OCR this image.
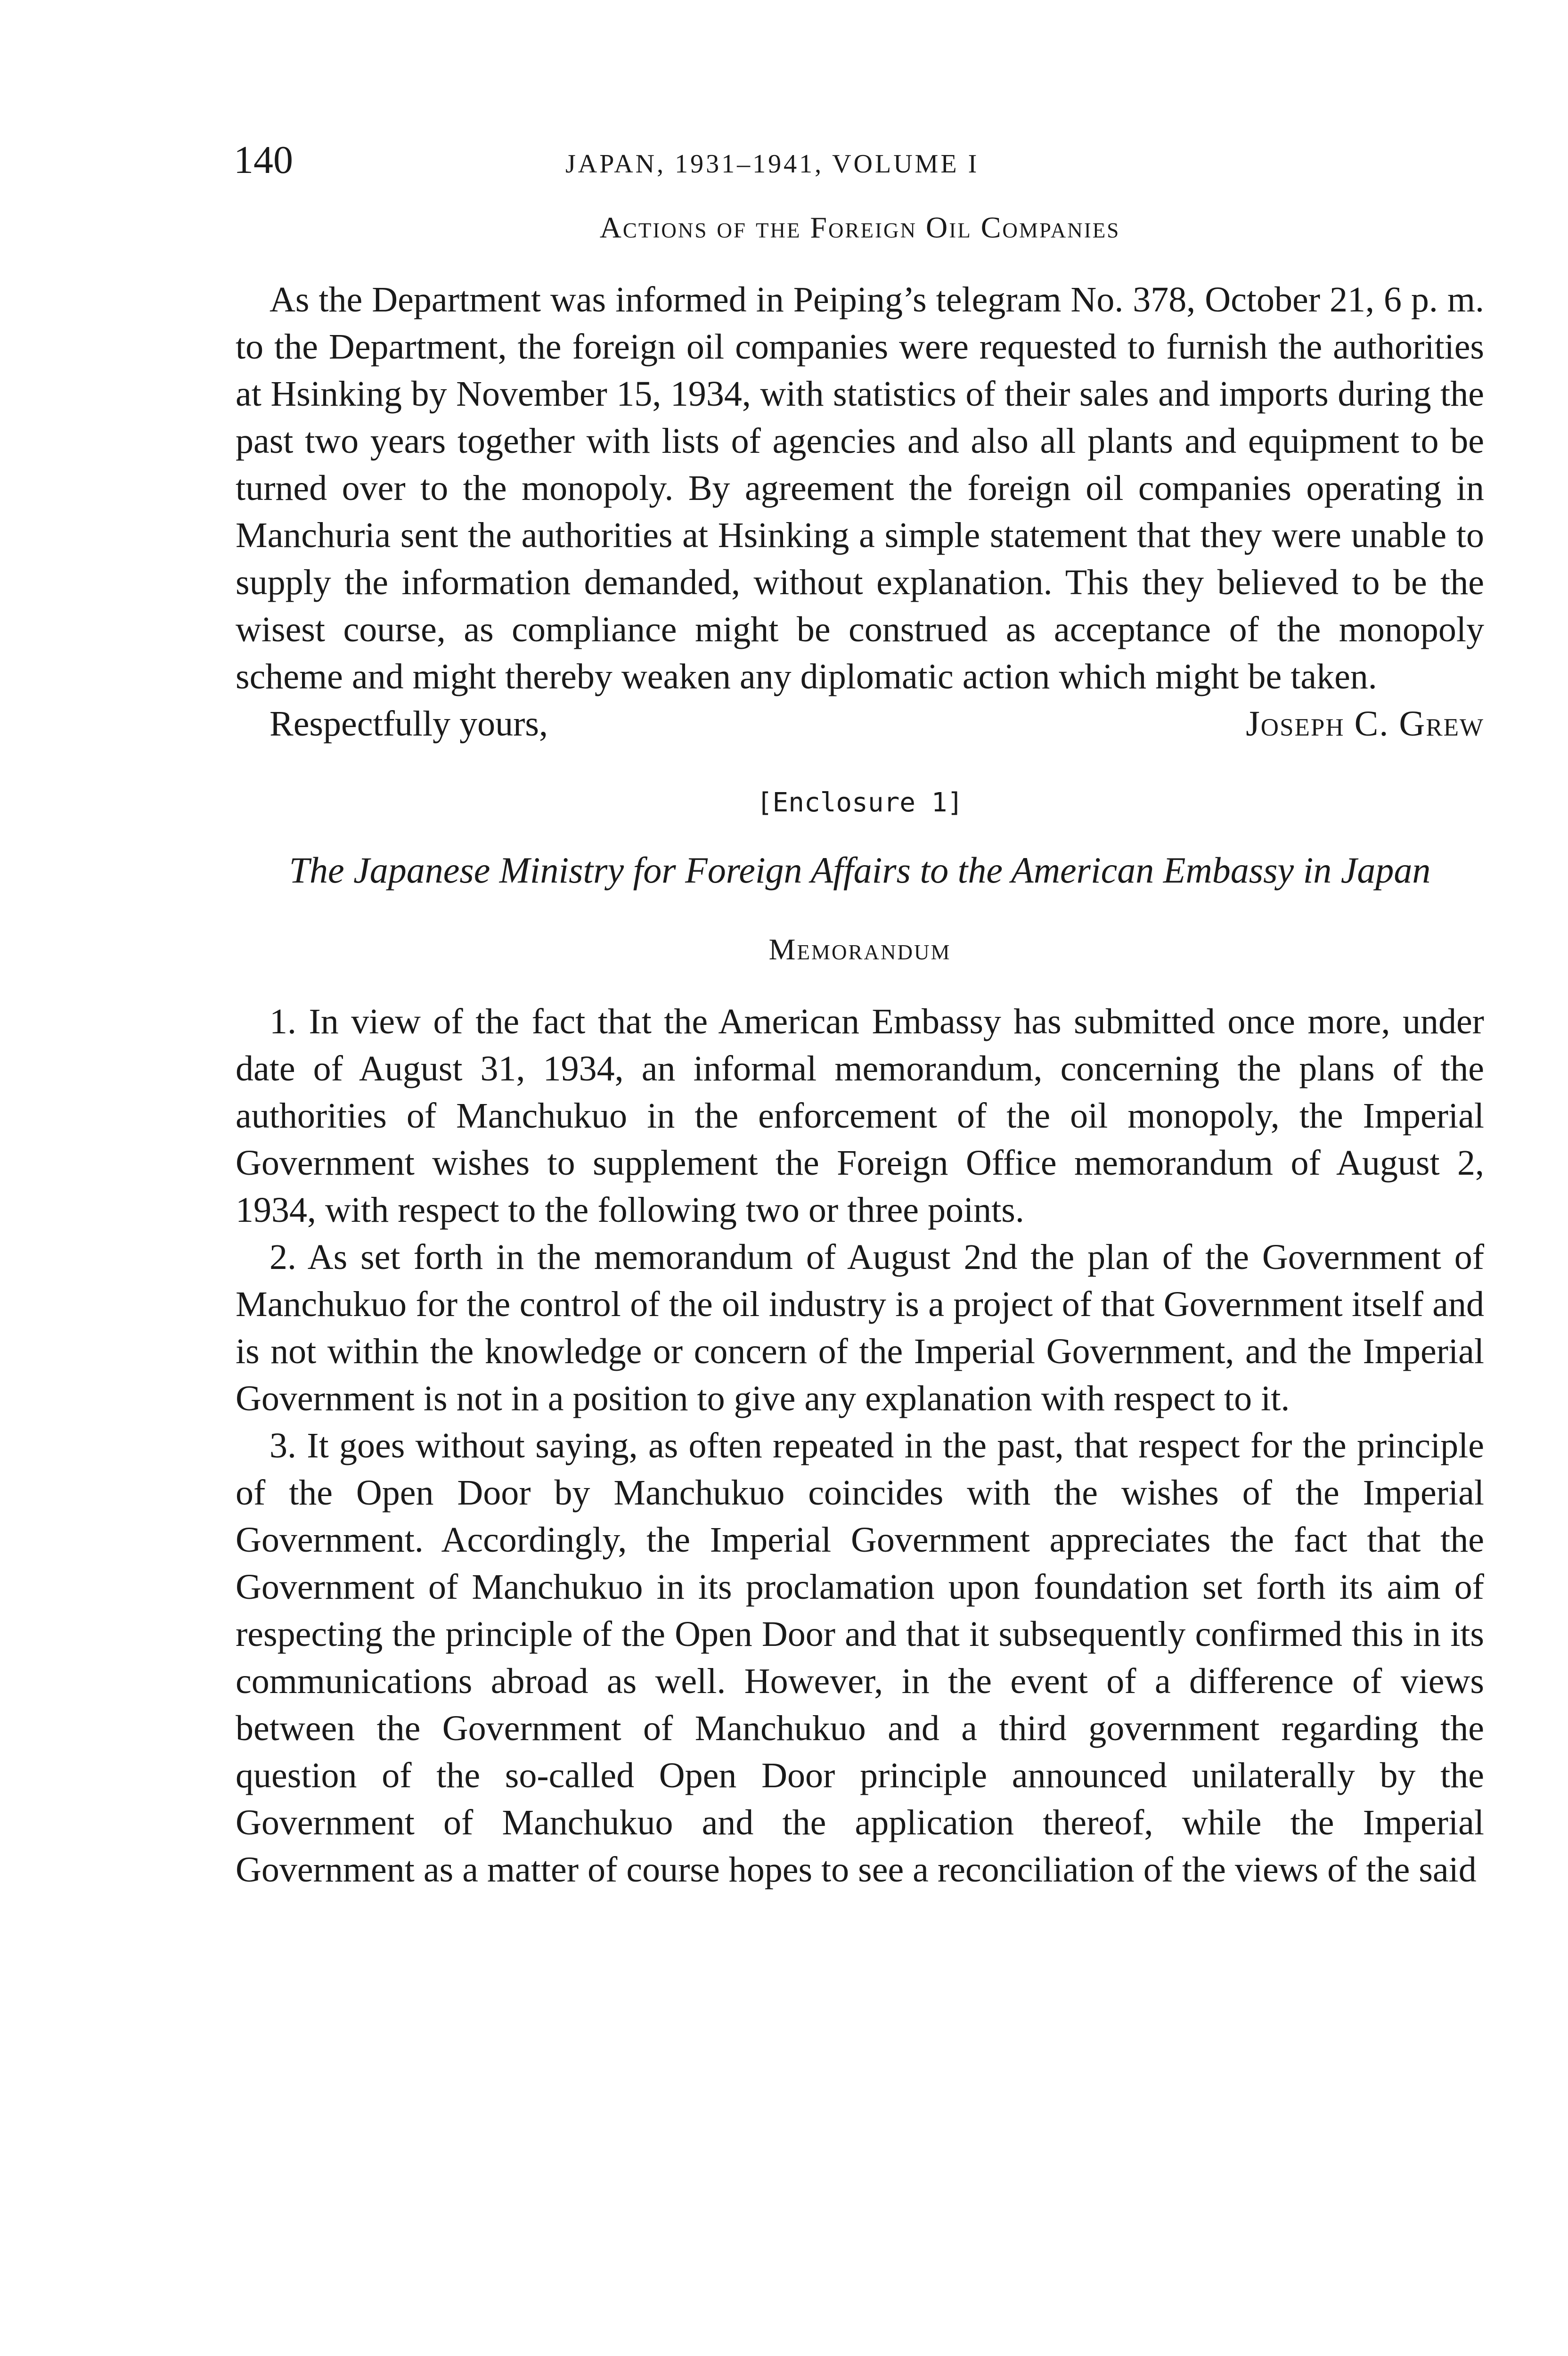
140	JAPAN, 1931–1941, VOLUME I
Actions of the Foreign Oil Companies

As the Department was informed in Peiping’s telegram No. 378, October 21, 6 p. m. to the Department, the foreign oil companies were requested to furnish the authorities at Hsinking by November 15, 1934, with statistics of their sales and imports during the past two years together with lists of agencies and also all plants and equipment to be turned over to the monopoly. By agreement the foreign oil companies operating in Manchuria sent the authorities at Hsinking a simple statement that they were unable to supply the information demanded, without explanation. This they believed to be the wisest course, as compliance might be construed as acceptance of the monopoly scheme and might thereby weaken any diplomatic action which might be taken.

Respectfully yours,	Joseph C. Grew
[Enclosure 1]

The Japanese Ministry for Foreign Affairs to the American Embassy in Japan

Memorandum

1. In view of the fact that the American Embassy has submitted once more, under date of August 31, 1934, an informal memorandum, concerning the plans of the authorities of Manchukuo in the enforcement of the oil monopoly, the Imperial Government wishes to supplement the Foreign Office memorandum of August 2, 1934, with respect to the following two or three points.

2. As set forth in the memorandum of August 2nd the plan of the Government of Manchukuo for the control of the oil industry is a project of that Government itself and is not within the knowledge or concern of the Imperial Government, and the Imperial Government is not in a position to give any explanation with respect to it.

3. It goes without saying, as often repeated in the past, that respect for the principle of the Open Door by Manchukuo coincides with the wishes of the Imperial Government. Accordingly, the Imperial Government appreciates the fact that the Government of Manchukuo in its proclamation upon foundation set forth its aim of respecting the principle of the Open Door and that it subsequently confirmed this in its communications abroad as well. However, in the event of a difference of views between the Government of Manchukuo and a third government regarding the question of the so-called Open Door principle announced unilaterally by the Government of Manchukuo and the application thereof, while the Imperial Government as a matter of course hopes to see a reconciliation of the views of the said
